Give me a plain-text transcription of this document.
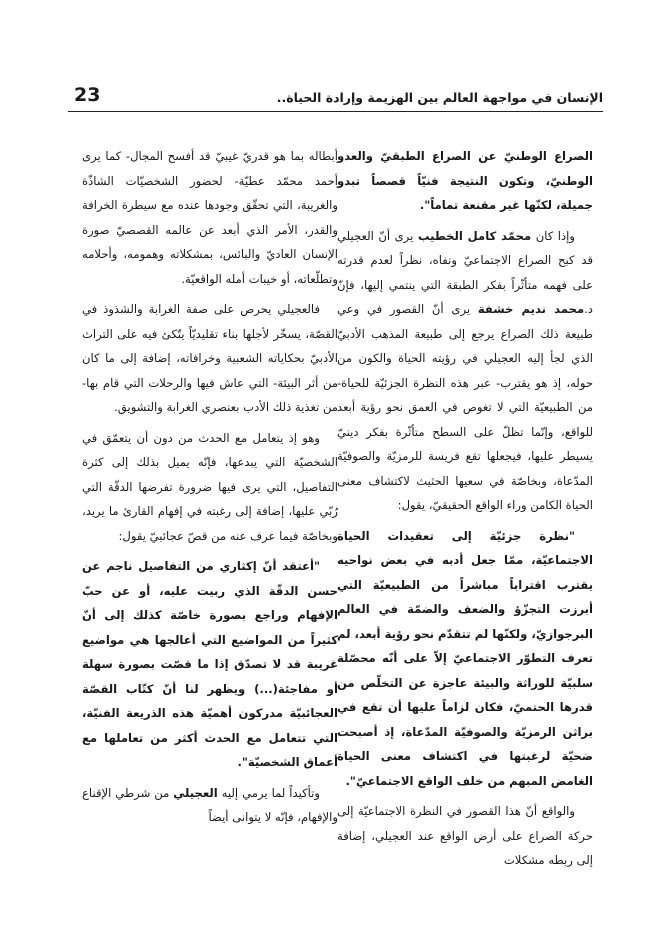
23	الإنسان في مواجهة العالم بين الهزيمة وإرادة الحياة..

الصراع الوطنيّ عن الصراع الطبقيّ والعدو الوطنيّ، وتكون النتيجة فنيّاً قصصاً تبدو جميلة، لكنّها غير مقنعة تماماً".

وإذا كان محمّد كامل الخطيب يرى أنّ العجيلي قد كبح الصراع الاجتماعيّ ونفاه، نظراً لعدم قدرته على فهمه متأثّراً بفكر الطبقة التي ينتمي إليها، فإنّ د.محمد نديم خشفة يرى أنّ القصور في وعي طبيعة ذلك الصراع يرجع إلى طبيعة المذهب الأدبيّ الذي لجأ إليه العجيلي في رؤيته الحياة والكون من حوله، إذ هو يقترب- عبر هذه النظرة الجزئيّة للحياة- من الطبيعيّة التي لا تغوص في العمق نحو رؤية أبعد للواقع، وإنّما تظلّ على السطح متأثّرة بفكر دينيّ يسيطر عليها، فيجعلها تقع فريسة للرمزيّة والصوفيّة المدّعاة، وبخاصّة في سعيها الحثيث لاكتشاف معنى الحياة الكامن وراء الواقع الحقيقيّ، يقول:

"نظرة جزئيّة إلى تعقيدات الحياة الاجتماعيّة، ممّا جعل أدبه في بعض نواحيه يقترب اقتراباً مباشراً من الطبيعيّة التي أبرزت التجزّؤ والضعف والضمّة في العالم البرجوازيّ، ولكنّها لم تتقدّم نحو رؤية أبعد، لم تعرف التطوّر الاجتماعيّ إلاّ على أنّه محصّلة سلبيّة للوراثة والبيئة عاجزة عن التخلّص من قدرها الحتميّ، فكان لزاماً عليها أن تقع في براثن الرمزيّة والصوفيّة المدّعاة، إذ أصبحت ضحيّة لرغبتها في اكتشاف معنى الحياة الغامض المبهم من خلف الواقع الاجتماعيّ".

والواقع أنّ هذا القصور في النظرة الاجتماعيّة إلى حركة الصراع على أرض الواقع عند العجيلي، إضافة إلى ربطه مشكلات

أبطاله بما هو قدريّ غيبيّ قد أفسح المجال- كما يرى أحمد محمّد عطيّة- لحضور الشخصيّات الشاذّة والغريبة، التي تحقّق وجودها عنده مع سيطرة الخرافة والقدر، الأمر الذي أبعد عن عالمه القصصيّ صورة الإنسان العاديّ والبائس، بمشكلاته وهمومه، وأحلامه وتطلّعاته، أو خيبات أمله الواقعيّة.

فالعجيلي يحرص على صفة الغرابة والشذوذ في القصّة، يسخّر لأجلها بناء تقليديّاً يتّكئ فيه على التراث الأدبيّ بحكاياته الشعبية وخرافاته، إضافة إلى ما كان من أثر البيئة- التي عاش فيها والرحلات التي قام بها- من تغذية ذلك الأدب بعنصري الغرابة والتشويق.

وهو إذ يتعامل مع الحدث من دون أن يتعمّق في الشخصيّة التي يبدعها، فإنّه يميل بذلك إلى كثرة التفاصيل، التي يرى فيها ضرورة تفرضها الدقّة التي رُبّي عليها، إضافة إلى رغبته في إفهام القارئ ما يريد، وبخاصّة فيما عرف عنه من قصّ عجائبيّ يقول:

"أعتقد أنّ إكثاري من التفاصيل ناجم عن حسن الدقّة الذي ربيت عليه، أو عن حبّ الإفهام وراجع بصورة خاصّة كذلك إلى أنّ كثيراً من المواضيع التي أعالجها هي مواضيع غريبة قد لا تصدّق إذا ما قصّت بصورة سهلة أو مفاجئة(...) ويظهر لنا أنّ كتّاب القصّة العجائبيّة مدركون أهميّة هذه الذريعة الفنيّة، التي تتعامل مع الحدث أكثر من تعاملها مع أعماق الشخصيّة".

وتأكيداً لما يرمي إليه العجيلي من شرطي الإقناع والإفهام، فإنّه لا يتوانى أيضاً
